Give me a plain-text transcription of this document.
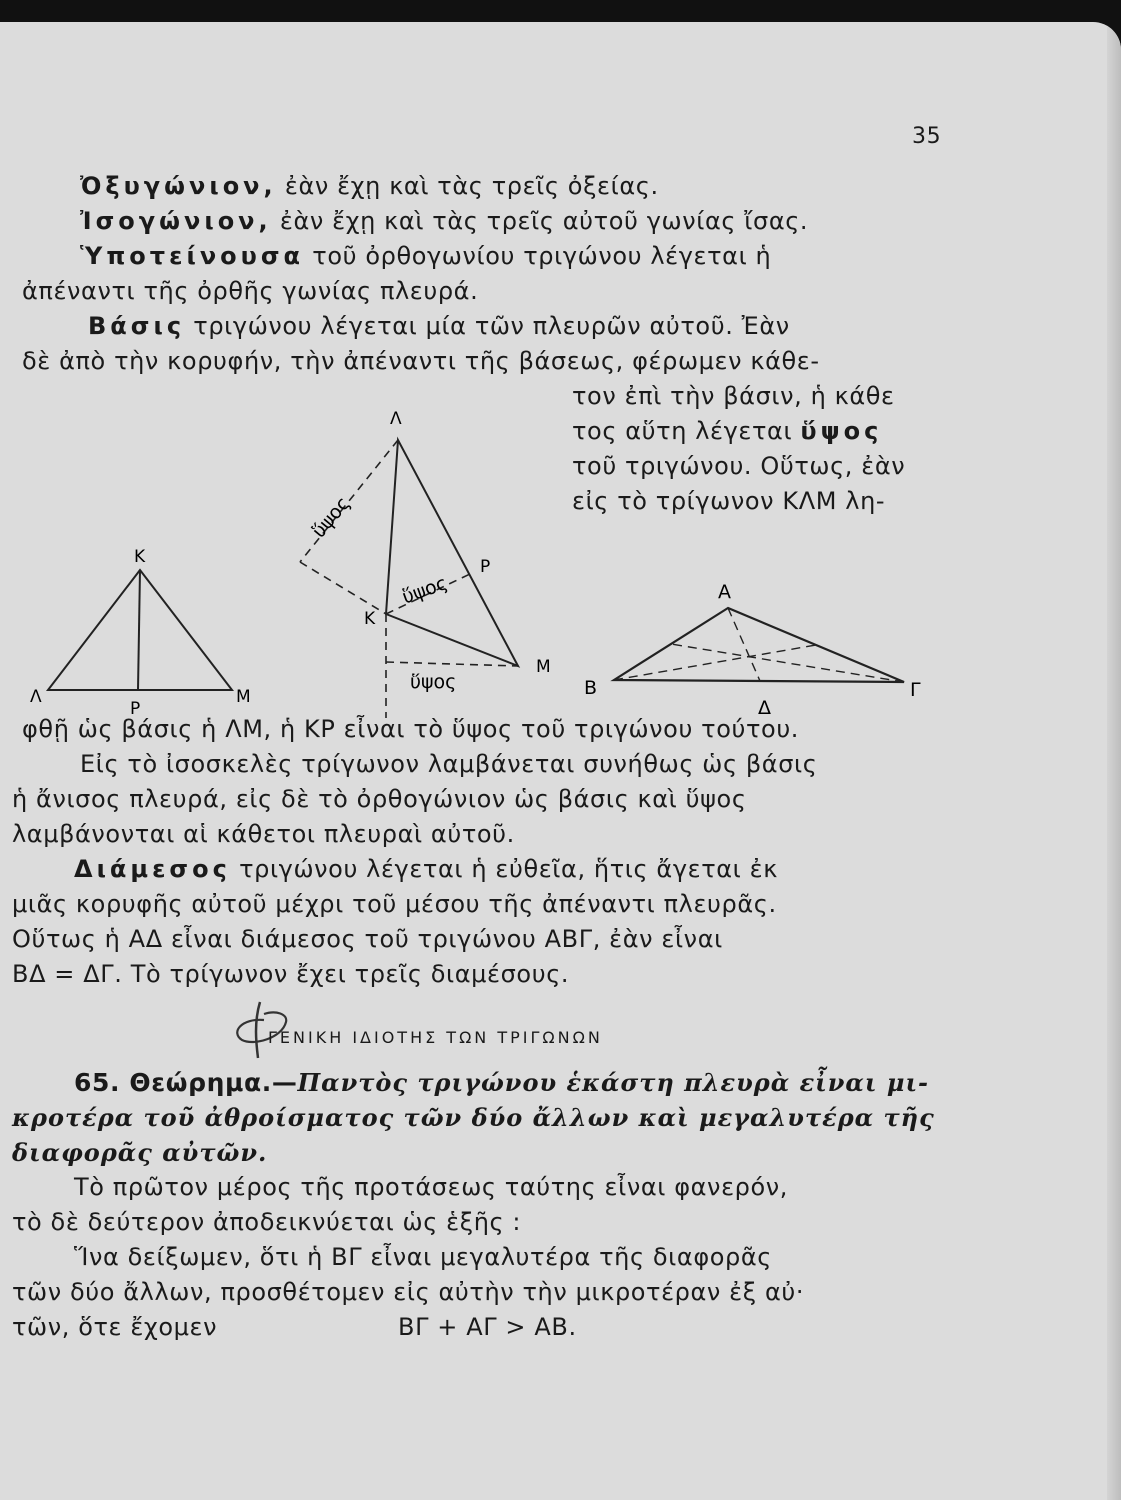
35
Ὀξυγώνιον, ἐὰν ἔχῃ καὶ τὰς τρεῖς ὀξείας.
Ἰσογώνιον, ἐὰν ἔχῃ καὶ τὰς τρεῖς αὐτοῦ γωνίας ἴσας.
Ὑποτείνουσα τοῦ ὀρθογωνίου τριγώνου λέγεται ἡ
ἀπέναντι τῆς ὀρθῆς γωνίας πλευρά.
Βάσις τριγώνου λέγεται μία τῶν πλευρῶν αὐτοῦ. Ἐὰν
δὲ ἀπὸ τὴν κορυφήν, τὴν ἀπέναντι τῆς βάσεως, φέρωμεν κάθε-
τον ἐπὶ τὴν βάσιν, ἡ κάθε
τος αὕτη λέγεται ὕψος
τοῦ τριγώνου. Οὕτως, ἐὰν
εἰς τὸ τρίγωνον ΚΛΜ λη-
Κ
Λ	Μ
Ρ
Λ
Κ
Ρ
Μ
ὕψος
ὕψος
ὕψος
Α
Β	Γ
Δ
φθῇ ὡς βάσις ἡ ΛΜ, ἡ ΚΡ εἶναι τὸ ὕψος τοῦ τριγώνου τούτου.
Εἰς τὸ ἰσοσκελὲς τρίγωνον λαμβάνεται συνήθως ὡς βάσις
ἡ ἄνισος πλευρά, εἰς δὲ τὸ ὀρθογώνιον ὡς βάσις καὶ ὕψος
λαμβάνονται αἱ κάθετοι πλευραὶ αὐτοῦ.
Διάμεσος τριγώνου λέγεται ἡ εὐθεῖα, ἥτις ἄγεται ἐκ
μιᾶς κορυφῆς αὐτοῦ μέχρι τοῦ μέσου τῆς ἀπέναντι πλευρᾶς.
Οὕτως ἡ ΑΔ εἶναι διάμεσος τοῦ τριγώνου ΑΒΓ, ἐὰν εἶναι
ΒΔ = ΔΓ. Τὸ τρίγωνον ἔχει τρεῖς διαμέσους.
ΓΕΝΙΚΗ ΙΔΙΟΤΗΣ ΤΩΝ ΤΡΙΓΩΝΩΝ
65. Θεώρημα.—Παντὸς τριγώνου ἑκάστη πλευρὰ εἶναι μι-
κροτέρα τοῦ ἀθροίσματος τῶν δύο ἄλλων καὶ μεγαλυτέρα τῆς
διαφορᾶς αὐτῶν.
Τὸ πρῶτον μέρος τῆς προτάσεως ταύτης εἶναι φανερόν,
τὸ δὲ δεύτερον ἀποδεικνύεται ὡς ἑξῆς :
Ἵνα δείξωμεν, ὅτι ἡ ΒΓ εἶναι μεγαλυτέρα τῆς διαφορᾶς
τῶν δύο ἄλλων, προσθέτομεν εἰς αὐτὴν τὴν μικροτέραν ἐξ αὐ·
τῶν, ὅτε ἔχομεν	ΒΓ + ΑΓ > ΑΒ.
